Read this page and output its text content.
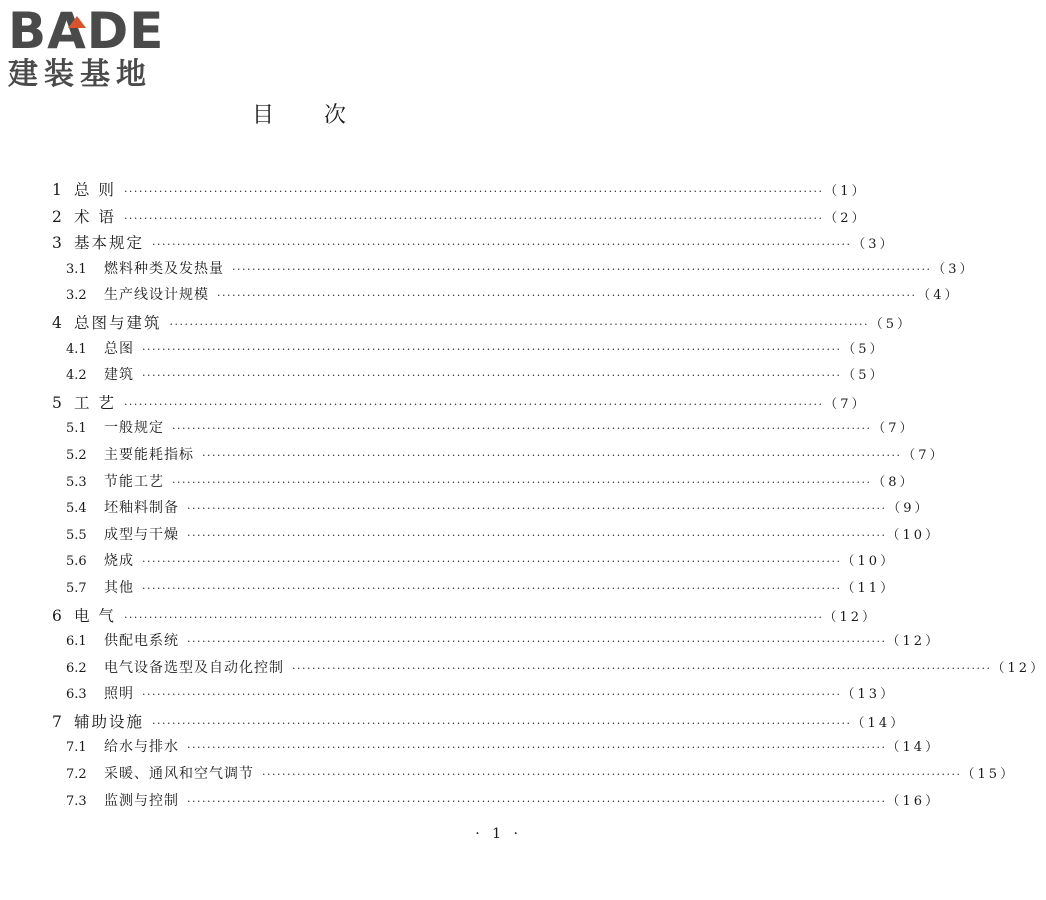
BADE
建装基地
目 次
1 总 则 ············································································································································ （1）
2 术 语 ············································································································································ （2）
3 基本规定 ············································································································································ （3）
3.1	燃料种类及发热量 ············································································································································ （3）
3.2	生产线设计规模 ············································································································································ （4）
4 总图与建筑 ············································································································································ （5）
4.1	总图 ············································································································································ （5）
4.2	建筑 ············································································································································ （5）
5 工 艺 ············································································································································ （7）
5.1	一般规定 ············································································································································ （7）
5.2	主要能耗指标 ············································································································································ （7）
5.3	节能工艺 ············································································································································ （8）
5.4	坯釉料制备 ············································································································································ （9）
5.5	成型与干燥 ············································································································································ （10）
5.6	烧成 ············································································································································ （10）
5.7	其他 ············································································································································ （11）
6 电 气 ············································································································································ （12）
6.1	供配电系统 ············································································································································ （12）
6.2	电气设备选型及自动化控制 ············································································································································ （12）
6.3	照明 ············································································································································ （13）
7 辅助设施 ············································································································································ （14）
7.1	给水与排水 ············································································································································ （14）
7.2	采暖、通风和空气调节 ············································································································································ （15）
7.3	监测与控制 ············································································································································ （16）
· 1 ·
